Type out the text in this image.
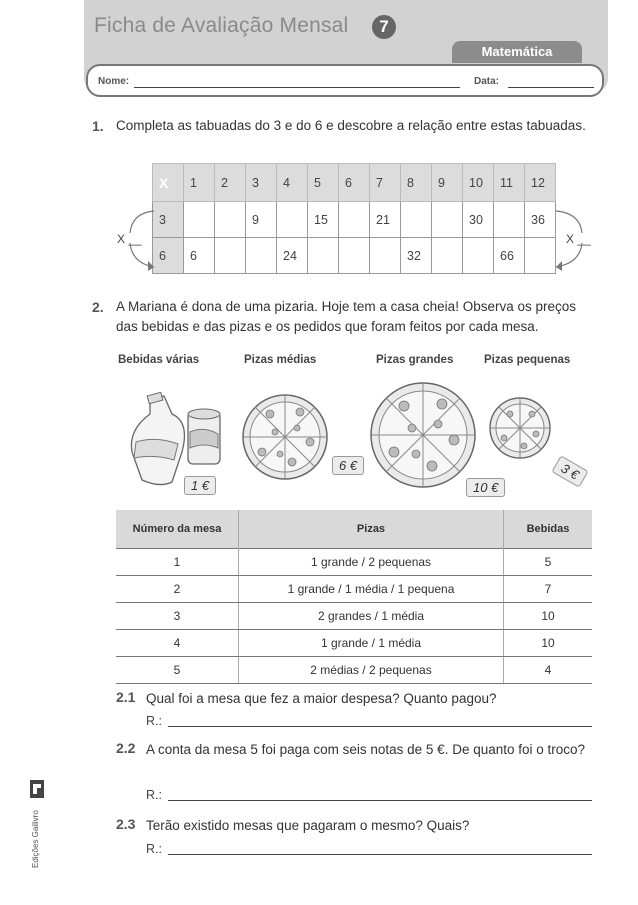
Ficha de Avaliação Mensal	7
Matemática
Nome:	Data:
1. Completa as tabuadas do 3 e do 6 e descobre a relação entre estas tabuadas.
X	1	2	3	4	5	6	7	8	9	10	11	12
3			9		15		21			30		36
6	6			24				32			66	
X __	X __
2. A Mariana é dona de uma pizaria. Hoje tem a casa cheia! Observa os preços das bebidas e das pizas e os pedidos que foram feitos por cada mesa.
Bebidas várias	Pizas médias	Pizas grandes	Pizas pequenas
1 €
6 €
10 €
3 €
Número da mesa	Pizas	Bebidas
1	1 grande / 2 pequenas	5
2	1 grande / 1 média / 1 pequena	7
3	2 grandes / 1 média	10
4	1 grande / 1 média	10
5	2 médias / 2 pequenas	4
2.1 Qual foi a mesa que fez a maior despesa? Quanto pagou?
R.:
2.2 A conta da mesa 5 foi paga com seis notas de 5 €. De quanto foi o troco?
R.:
2.3 Terão existido mesas que pagaram o mesmo? Quais?
R.:
Edições Gailivro
